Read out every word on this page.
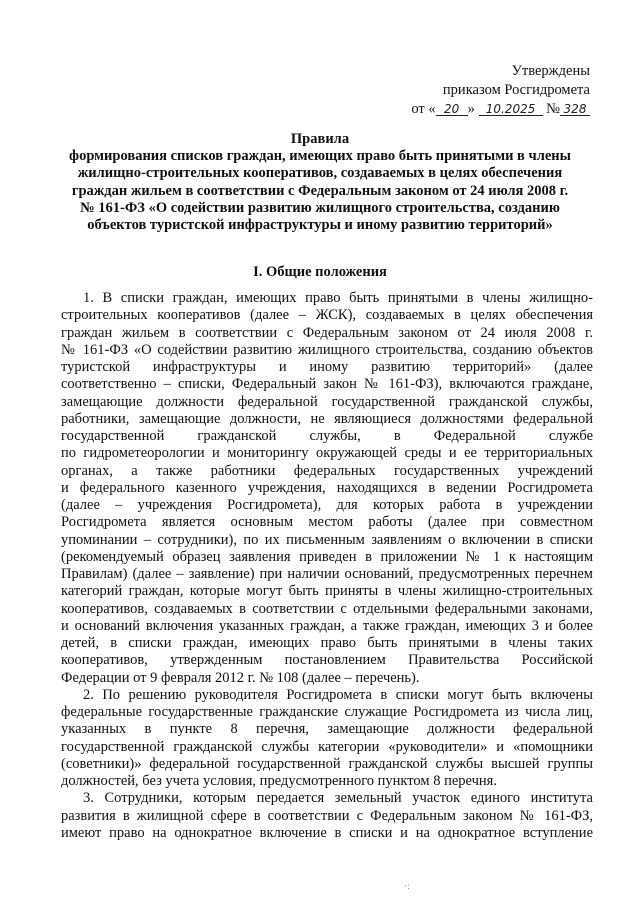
Утверждены
приказом Росгидромета
от « 20 » 10.2025 № 328
Правила
формирования списков граждан, имеющих право быть принятыми в члены
жилищно-строительных кооперативов, создаваемых в целях обеспечения
граждан жильем в соответствии с Федеральным законом от 24 июля 2008 г.
№ 161-ФЗ «О содействии развитию жилищного строительства, созданию
объектов туристской инфраструктуры и иному развитию территорий»
I. Общие положения
1. В списки граждан, имеющих право быть принятыми в члены жилищно-
строительных кооперативов (далее – ЖСК), создаваемых в целях обеспечения
граждан жильем в соответствии с Федеральным законом от 24 июля 2008 г.
№ 161-ФЗ «О содействии развитию жилищного строительства, созданию объектов
туристской инфраструктуры и иному развитию территорий» (далее
соответственно – списки, Федеральный закон № 161-ФЗ), включаются граждане,
замещающие должности федеральной государственной гражданской службы,
работники, замещающие должности, не являющиеся должностями федеральной
государственной гражданской службы, в Федеральной службе
по гидрометеорологии и мониторингу окружающей среды и ее территориальных
органах, а также работники федеральных государственных учреждений
и федерального казенного учреждения, находящихся в ведении Росгидромета
(далее – учреждения Росгидромета), для которых работа в учреждении
Росгидромета является основным местом работы (далее при совместном
упоминании – сотрудники), по их письменным заявлениям о включении в списки
(рекомендуемый образец заявления приведен в приложении № 1 к настоящим
Правилам) (далее – заявление) при наличии оснований, предусмотренных перечнем
категорий граждан, которые могут быть приняты в члены жилищно-строительных
кооперативов, создаваемых в соответствии с отдельными федеральными законами,
и оснований включения указанных граждан, а также граждан, имеющих 3 и более
детей, в списки граждан, имеющих право быть принятыми в члены таких
кооперативов, утвержденным постановлением Правительства Российской
Федерации от 9 февраля 2012 г. № 108 (далее – перечень).
2. По решению руководителя Росгидромета в списки могут быть включены
федеральные государственные гражданские служащие Росгидромета из числа лиц,
указанных в пункте 8 перечня, замещающие должности федеральной
государственной гражданской службы категории «руководители» и «помощники
(советники)» федеральной государственной гражданской службы высшей группы
должностей, без учета условия, предусмотренного пунктом 8 перечня.
3. Сотрудники, которым передается земельный участок единого института
развития в жилищной сфере в соответствии с Федеральным законом № 161-ФЗ,
имеют право на однократное включение в списки и на однократное вступление
·:
